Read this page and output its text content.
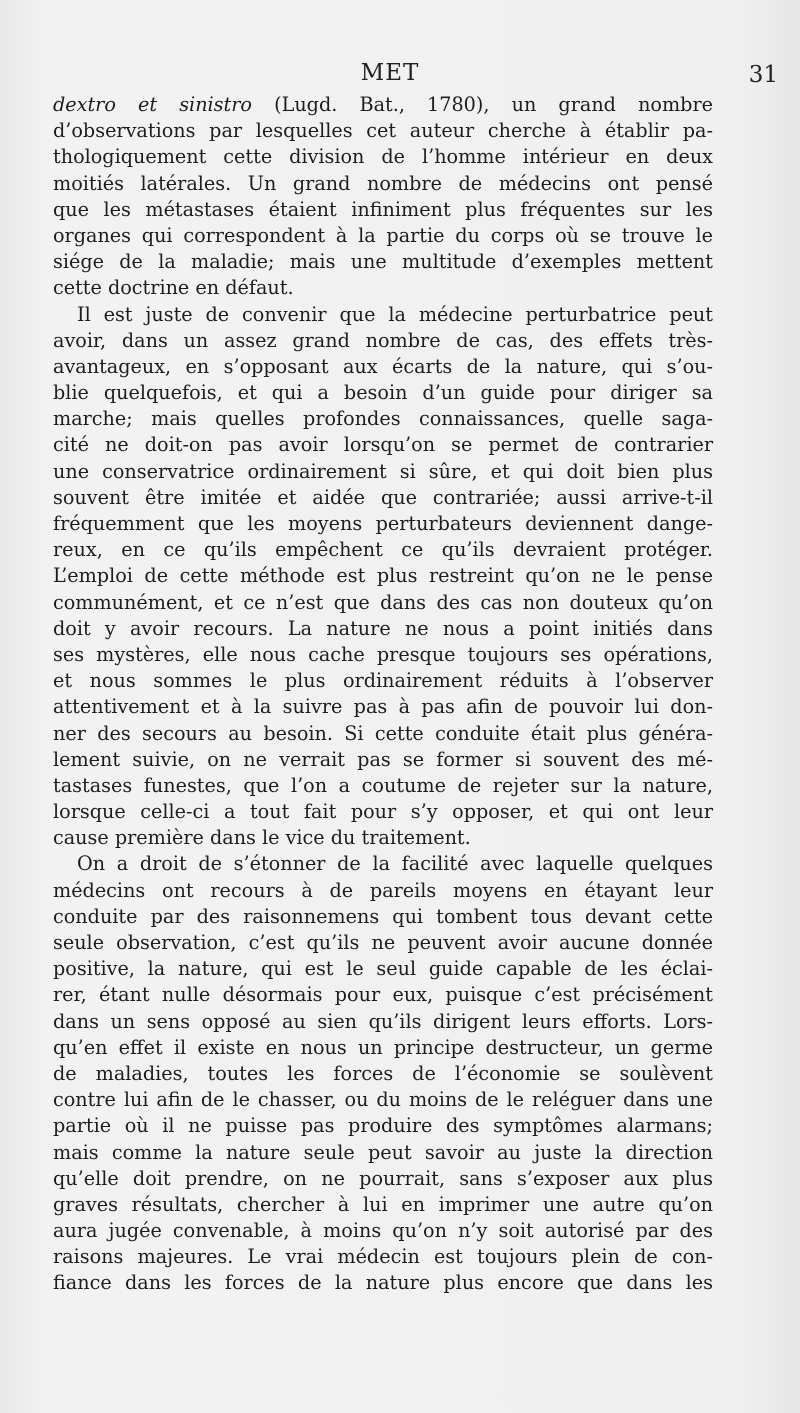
MET	31
dextro et sinistro (Lugd. Bat., 1780), un grand nombre
d’observations par lesquelles cet auteur cherche à établir pa-
thologiquement cette division de l’homme intérieur en deux
moitiés latérales. Un grand nombre de médecins ont pensé
que les métastases étaient infiniment plus fréquentes sur les
organes qui correspondent à la partie du corps où se trouve le
siége de la maladie; mais une multitude d’exemples mettent
cette doctrine en défaut.
Il est juste de convenir que la médecine perturbatrice peut
avoir, dans un assez grand nombre de cas, des effets très-
avantageux, en s’opposant aux écarts de la nature, qui s’ou-
blie quelquefois, et qui a besoin d’un guide pour diriger sa
marche; mais quelles profondes connaissances, quelle saga-
cité ne doit-on pas avoir lorsqu’on se permet de contrarier
une conservatrice ordinairement si sûre, et qui doit bien plus
souvent être imitée et aidée que contrariée; aussi arrive-t-il
fréquemment que les moyens perturbateurs deviennent dange-
reux, en ce qu’ils empêchent ce qu’ils devraient protéger.
L’emploi de cette méthode est plus restreint qu’on ne le pense
communément, et ce n’est que dans des cas non douteux qu’on
doit y avoir recours. La nature ne nous a point initiés dans
ses mystères, elle nous cache presque toujours ses opérations,
et nous sommes le plus ordinairement réduits à l’observer
attentivement et à la suivre pas à pas afin de pouvoir lui don-
ner des secours au besoin. Si cette conduite était plus généra-
lement suivie, on ne verrait pas se former si souvent des mé-
tastases funestes, que l’on a coutume de rejeter sur la nature,
lorsque celle-ci a tout fait pour s’y opposer, et qui ont leur
cause première dans le vice du traitement.
On a droit de s’étonner de la facilité avec laquelle quelques
médecins ont recours à de pareils moyens en étayant leur
conduite par des raisonnemens qui tombent tous devant cette
seule observation, c’est qu’ils ne peuvent avoir aucune donnée
positive, la nature, qui est le seul guide capable de les éclai-
rer, étant nulle désormais pour eux, puisque c’est précisément
dans un sens opposé au sien qu’ils dirigent leurs efforts. Lors-
qu’en effet il existe en nous un principe destructeur, un germe
de maladies, toutes les forces de l’économie se soulèvent
contre lui afin de le chasser, ou du moins de le reléguer dans une
partie où il ne puisse pas produire des symptômes alarmans;
mais comme la nature seule peut savoir au juste la direction
qu’elle doit prendre, on ne pourrait, sans s’exposer aux plus
graves résultats, chercher à lui en imprimer une autre qu’on
aura jugée convenable, à moins qu’on n’y soit autorisé par des
raisons majeures. Le vrai médecin est toujours plein de con-
fiance dans les forces de la nature plus encore que dans les
